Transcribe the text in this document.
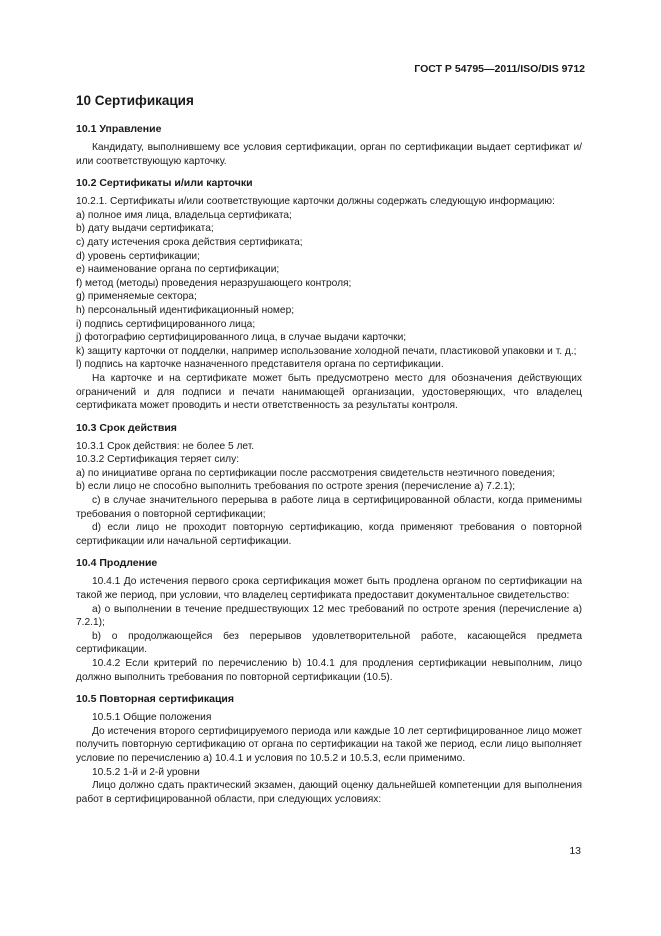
ГОСТ Р 54795—2011/ISO/DIS 9712
10 Сертификация
10.1 Управление

Кандидату, выполнившему все условия сертификации, орган по сертификации выдает сертификат и/или соответствующую карточку.

10.2 Сертификаты и/или карточки

10.2.1. Сертификаты и/или соответствующие карточки должны содержать следующую информацию:

a) полное имя лица, владельца сертификата;

b) дату выдачи сертификата;

c) дату истечения срока действия сертификата;

d) уровень сертификации;

e) наименование органа по сертификации;

f) метод (методы) проведения неразрушающего контроля;

g) применяемые сектора;

h) персональный идентификационный номер;

i) подпись сертифицированного лица;

j) фотографию сертифицированного лица, в случае выдачи карточки;

k) защиту карточки от подделки, например использование холодной печати, пластиковой упаковки и т. д.;

l) подпись на карточке назначенного представителя органа по сертификации.

На карточке и на сертификате может быть предусмотрено место для обозначения действующих ограничений и для подписи и печати нанимающей организации, удостоверяющих, что владелец сертификата может проводить и нести ответственность за результаты контроля.

10.3 Срок действия

10.3.1 Срок действия: не более 5 лет.

10.3.2 Сертификация теряет силу:

a) по инициативе органа по сертификации после рассмотрения свидетельств неэтичного поведения;

b) если лицо не способно выполнить требования по остроте зрения (перечисление a) 7.2.1);

c) в случае значительного перерыва в работе лица в сертифицированной области, когда применимы требования о повторной сертификации;

d) если лицо не проходит повторную сертификацию, когда применяют требования о повторной сертификации или начальной сертификации.

10.4 Продление

10.4.1 До истечения первого срока сертификация может быть продлена органом по сертификации на такой же период, при условии, что владелец сертификата предоставит документальное свидетельство:

a) о выполнении в течение предшествующих 12 мес требований по остроте зрения (перечисление a) 7.2.1);

b) о продолжающейся без перерывов удовлетворительной работе, касающейся предмета сертификации.

10.4.2 Если критерий по перечислению b) 10.4.1 для продления сертификации невыполним, лицо должно выполнить требования по повторной сертификации (10.5).

10.5 Повторная сертификация

10.5.1 Общие положения

До истечения второго сертифицируемого периода или каждые 10 лет сертифицированное лицо может получить повторную сертификацию от органа по сертификации на такой же период, если лицо выполняет условие по перечислению a) 10.4.1 и условия по 10.5.2 и 10.5.3, если применимо.

10.5.2 1-й и 2-й уровни

Лицо должно сдать практический экзамен, дающий оценку дальнейшей компетенции для выполнения работ в сертифицированной области, при следующих условиях:

13
